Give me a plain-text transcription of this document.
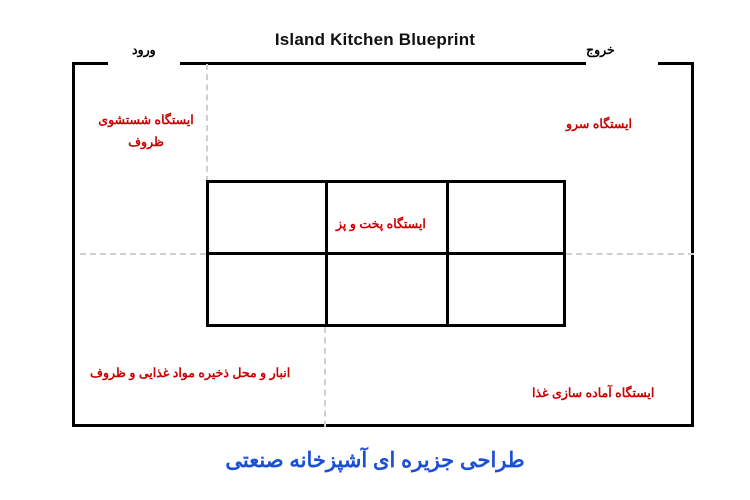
Island Kitchen Blueprint
ورود	خروج
ایستگاه شستشوی ظروف
ایستگاه سرو
ایستگاه پخت و پز
انبار و محل ذخیره مواد غذایی و ظروف
ایستگاه آماده سازی غذا
طراحی جزیره ای آشپزخانه صنعتی
